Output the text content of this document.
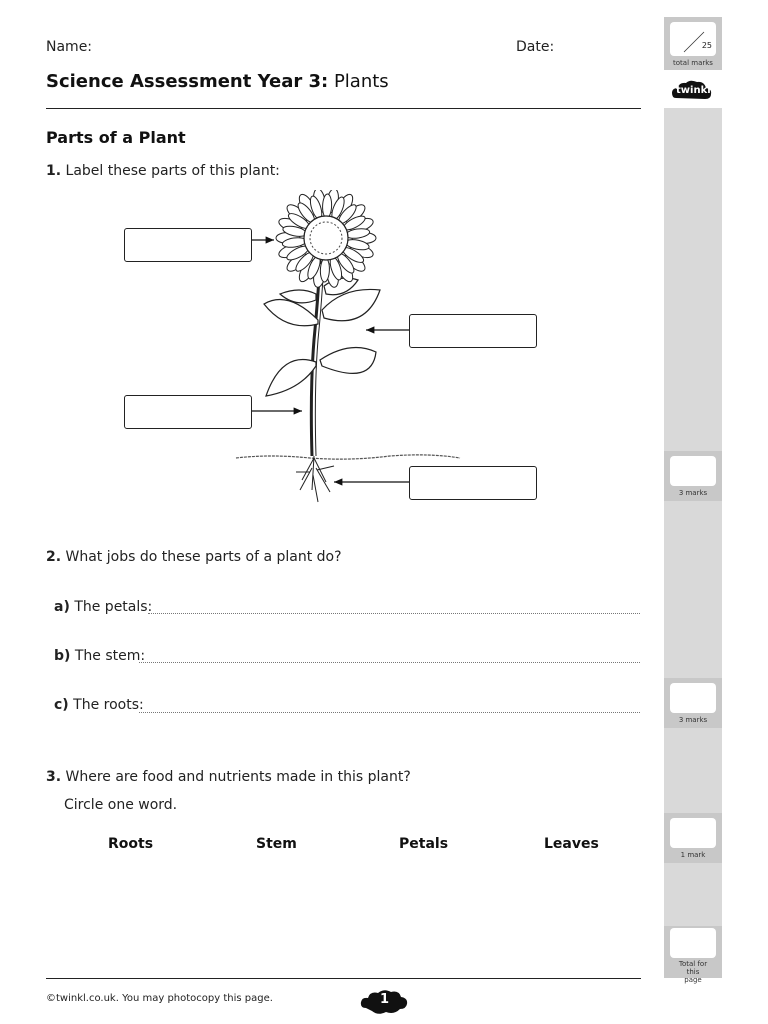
Name:	Date:
Science Assessment Year 3: Plants
25
total marks
twinkl
3 marks
3 marks
1 mark
Total for this page
Parts of a Plant
1. Label these parts of this plant:
2. What jobs do these parts of a plant do?
a) The petals:
b) The stem:
c) The roots:
3. Where are food and nutrients made in this plant?
Circle one word.
Roots	Stem	Petals	Leaves
©twinkl.co.uk. You may photocopy this page.	1
